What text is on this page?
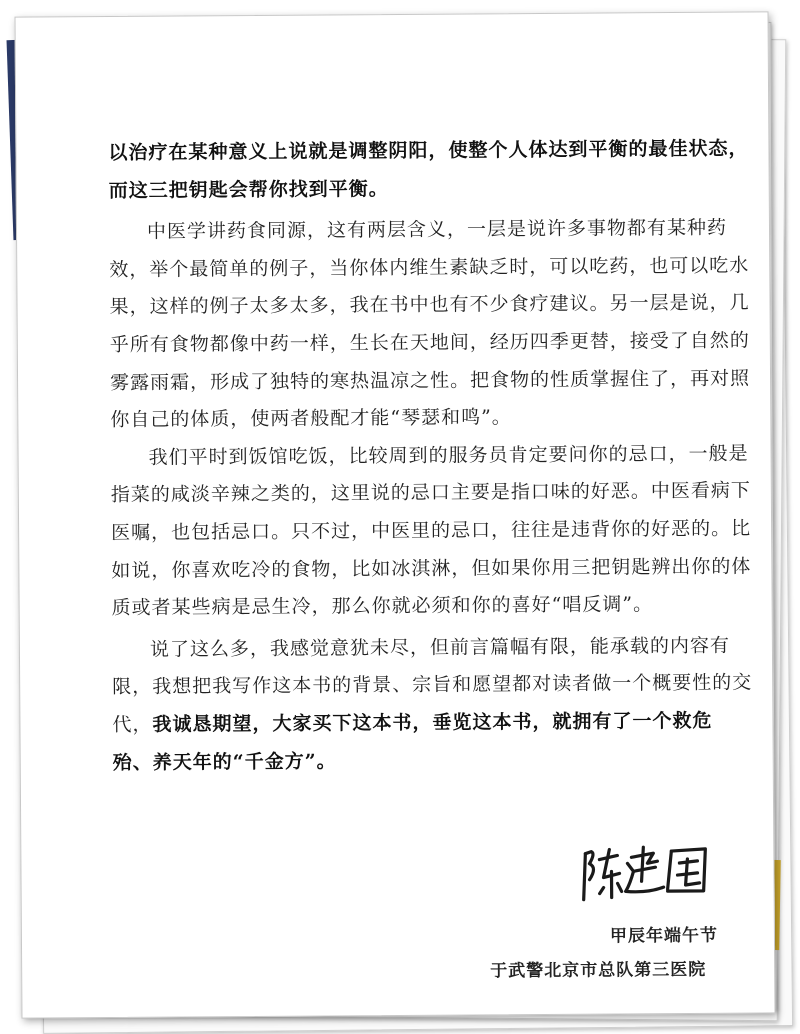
以治疗在某种意义上说就是调整阴阳，使整个人体达到平衡的最佳状态，
而这三把钥匙会帮你找到平衡。

中医学讲药食同源，这有两层含义，一层是说许多事物都有某种药效，举个最简单的例子，当你体内维生素缺乏时，可以吃药，也可以吃水果，这样的例子太多太多，我在书中也有不少食疗建议。另一层是说，几乎所有食物都像中药一样，生长在天地间，经历四季更替，接受了自然的雾露雨霜，形成了独特的寒热温凉之性。把食物的性质掌握住了，再对照你自己的体质，使两者般配才能“琴瑟和鸣”。

我们平时到饭馆吃饭，比较周到的服务员肯定要问你的忌口，一般是指菜的咸淡辛辣之类的，这里说的忌口主要是指口味的好恶。中医看病下医嘱，也包括忌口。只不过，中医里的忌口，往往是违背你的好恶的。比如说，你喜欢吃冷的食物，比如冰淇淋，但如果你用三把钥匙辨出你的体质或者某些病是忌生冷，那么你就必须和你的喜好“唱反调”。

说了这么多，我感觉意犹未尽，但前言篇幅有限，能承载的内容有限，我想把我写作这本书的背景、宗旨和愿望都对读者做一个概要性的交代，我诚恳期望，大家买下这本书，垂览这本书，就拥有了一个救危殆、养天年的“千金方”。

甲辰年端午节
于武警北京市总队第三医院
